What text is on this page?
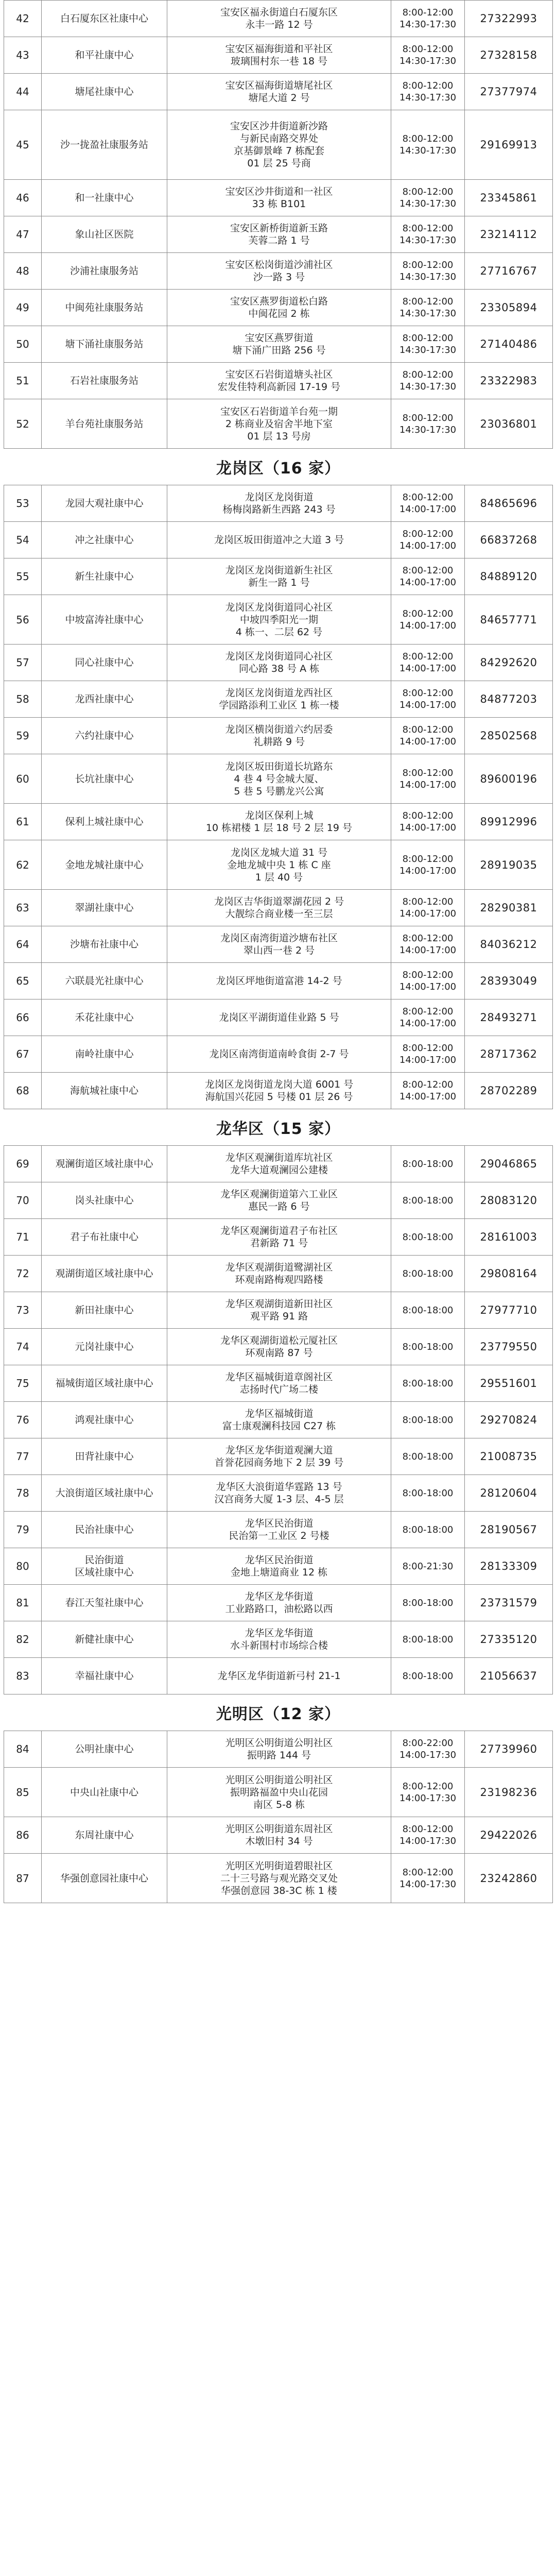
42	白石厦东区社康中心	宝安区福永街道白石厦东区
永丰一路 12 号	8:00-12:00
14:30-17:30	27322993
43	和平社康中心	宝安区福海街道和平社区
玻璃围村东一巷 18 号	8:00-12:00
14:30-17:30	27328158
44	塘尾社康中心	宝安区福海街道塘尾社区
塘尾大道 2 号	8:00-12:00
14:30-17:30	27377974
45	沙一拢盈社康服务站	宝安区沙井街道新沙路
与新民南路交界处
京基御景峰 7 栋配套
01 层 25 号商	8:00-12:00
14:30-17:30	29169913
46	和一社康中心	宝安区沙井街道和一社区
33 栋 B101	8:00-12:00
14:30-17:30	23345861
47	象山社区医院	宝安区新桥街道新玉路
芙蓉二路 1 号	8:00-12:00
14:30-17:30	23214112
48	沙浦社康服务站	宝安区松岗街道沙浦社区
沙一路 3 号	8:00-12:00
14:30-17:30	27716767
49	中闽苑社康服务站	宝安区燕罗街道松白路
中闽花园 2 栋	8:00-12:00
14:30-17:30	23305894
50	塘下涌社康服务站	宝安区燕罗街道
塘下涌广田路 256 号	8:00-12:00
14:30-17:30	27140486
51	石岩社康服务站	宝安区石岩街道塘头社区
宏发佳特利高新园 17-19 号	8:00-12:00
14:30-17:30	23322983
52	羊台苑社康服务站	宝安区石岩街道羊台苑一期
2 栋商业及宿舍半地下室
01 层 13 号房	8:00-12:00
14:30-17:30	23036801

龙岗区（16 家）				
53	龙园大观社康中心	龙岗区龙岗街道
杨梅岗路新生西路 243 号	8:00-12:00
14:00-17:00	84865696
54	冲之社康中心	龙岗区坂田街道冲之大道 3 号	8:00-12:00
14:00-17:00	66837268
55	新生社康中心	龙岗区龙岗街道新生社区
新生一路 1 号	8:00-12:00
14:00-17:00	84889120
56	中坡富涛社康中心	龙岗区龙岗街道同心社区
中坡四季阳光一期
4 栋一、二层 62 号	8:00-12:00
14:00-17:00	84657771
57	同心社康中心	龙岗区龙岗街道同心社区
同心路 38 号 A 栋	8:00-12:00
14:00-17:00	84292620
58	龙西社康中心	龙岗区龙岗街道龙西社区
学园路添利工业区 1 栋一楼	8:00-12:00
14:00-17:00	84877203
59	六约社康中心	龙岗区横岗街道六约居委
礼耕路 9 号	8:00-12:00
14:00-17:00	28502568
60	长坑社康中心	龙岗区坂田街道长坑路东
4 巷 4 号金城大厦、
5 巷 5 号鹏龙兴公寓	8:00-12:00
14:00-17:00	89600196
61	保利上城社康中心	龙岗区保利上城
10 栋裙楼 1 层 18 号 2 层 19 号	8:00-12:00
14:00-17:00	89912996
62	金地龙城社康中心	龙岗区龙城大道 31 号
金地龙城中央 1 栋 C 座
1 层 40 号	8:00-12:00
14:00-17:00	28919035
63	翠湖社康中心	龙岗区吉华街道翠湖花园 2 号
大靓综合商业楼一至三层	8:00-12:00
14:00-17:00	28290381
64	沙塘布社康中心	龙岗区南湾街道沙塘布社区
翠山西一巷 2 号	8:00-12:00
14:00-17:00	84036212
65	六联晨光社康中心	龙岗区坪地街道富港 14-2 号	8:00-12:00
14:00-17:00	28393049
66	禾花社康中心	龙岗区平湖街道佳业路 5 号	8:00-12:00
14:00-17:00	28493271
67	南岭社康中心	龙岗区南湾街道南岭食街 2-7 号	8:00-12:00
14:00-17:00	28717362
68	海航城社康中心	龙岗区龙岗街道龙岗大道 6001 号
海航国兴花园 5 号楼 01 层 26 号	8:00-12:00
14:00-17:00	28702289

龙华区（15 家）				
69	观澜街道区域社康中心	龙华区观澜街道库坑社区
龙华大道观澜园公建楼	8:00-18:00	29046865
70	岗头社康中心	龙华区观澜街道第六工业区
惠民一路 6 号	8:00-18:00	28083120
71	君子布社康中心	龙华区观澜街道君子布社区
君新路 71 号	8:00-18:00	28161003
72	观湖街道区域社康中心	龙华区观湖街道鹭湖社区
环观南路梅观四路楼	8:00-18:00	29808164
73	新田社康中心	龙华区观湖街道新田社区
观平路 91 路	8:00-18:00	27977710
74	元岗社康中心	龙华区观湖街道松元厦社区
环观南路 87 号	8:00-18:00	23779550
75	福城街道区域社康中心	龙华区福城街道章阁社区
志扬时代广场二楼	8:00-18:00	29551601
76	鸿观社康中心	龙华区福城街道
富士康观澜科技园 C27 栋	8:00-18:00	29270824
77	田背社康中心	龙华区龙华街道观澜大道
首誉花园商务地下 2 层 39 号	8:00-18:00	21008735
78	大浪街道区域社康中心	龙华区大浪街道华霆路 13 号
汉宫商务大厦 1-3 层、4-5 层	8:00-18:00	28120604
79	民治社康中心	龙华区民治街道
民治第一工业区 2 号楼	8:00-18:00	28190567
80	民治街道
区域社康中心	龙华区民治街道
金地上塘道商业 12 栋	8:00-21:30	28133309
81	春江天玺社康中心	龙华区龙华街道
工业路路口，油松路以西	8:00-18:00	23731579
82	新健社康中心	龙华区龙华街道
水斗新围村市场综合楼	8:00-18:00	27335120
83	幸福社康中心	龙华区龙华街道新弓村 21-1	8:00-18:00	21056637

光明区（12 家）				
84	公明社康中心	光明区公明街道公明社区
振明路 144 号	8:00-22:00
14:00-17:30	27739960
85	中央山社康中心	光明区公明街道公明社区
振明路福盈中央山花园
南区 5-8 栋	8:00-12:00
14:00-17:30	23198236
86	东周社康中心	光明区公明街道东周社区
木墩旧村 34 号	8:00-12:00
14:00-17:30	29422026
87	华强创意园社康中心	光明区光明街道碧眼社区
二十三号路与观光路交叉处
华强创意园 38-3C 栋 1 楼	8:00-12:00
14:00-17:30	23242860
